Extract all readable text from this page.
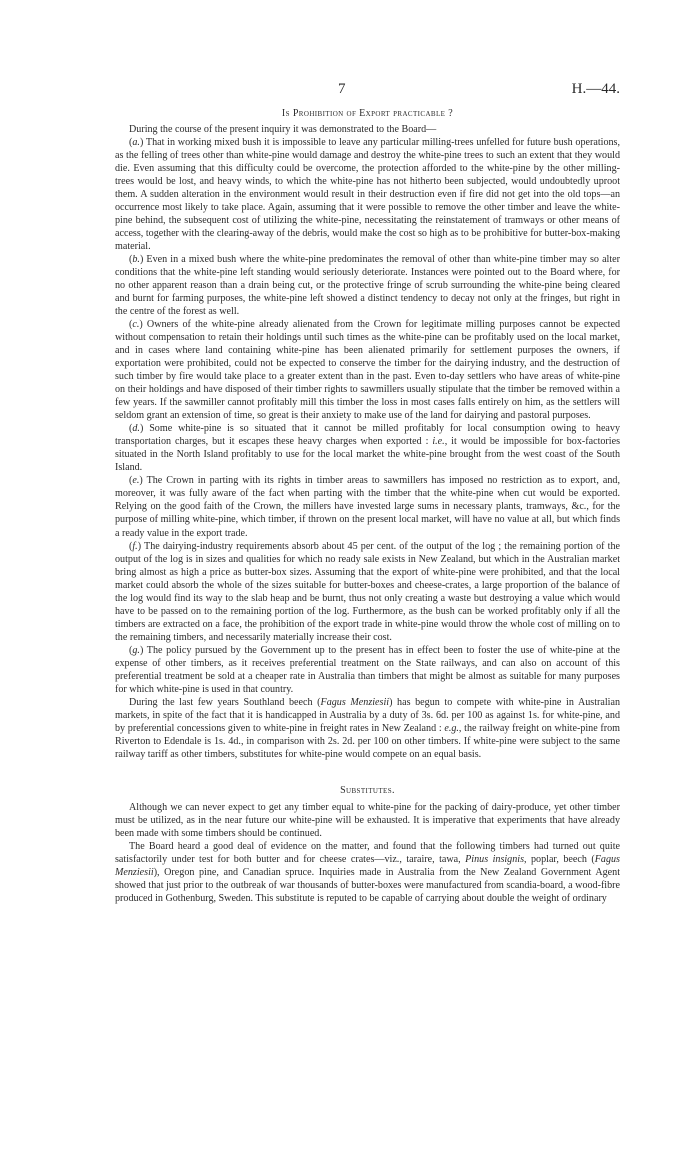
7	H.—44.
Is Prohibition of Export practicable ?

During the course of the present inquiry it was demonstrated to the Board—

(a.) That in working mixed bush it is impossible to leave any particular milling-trees unfelled for future bush operations, as the felling of trees other than white-pine would damage and destroy the white-pine trees to such an extent that they would die. Even assuming that this difficulty could be overcome, the protection afforded to the white-pine by the other milling-trees would be lost, and heavy winds, to which the white-pine has not hitherto been subjected, would undoubtedly uproot them. A sudden alteration in the environment would result in their destruction even if fire did not get into the old tops—an occurrence most likely to take place. Again, assuming that it were possible to remove the other timber and leave the white-pine behind, the subsequent cost of utilizing the white-pine, necessitating the reinstatement of tramways or other means of access, together with the clearing-away of the debris, would make the cost so high as to be prohibitive for butter-box-making material.

(b.) Even in a mixed bush where the white-pine predominates the removal of other than white-pine timber may so alter conditions that the white-pine left standing would seriously deteriorate. Instances were pointed out to the Board where, for no other apparent reason than a drain being cut, or the protective fringe of scrub surrounding the white-pine being cleared and burnt for farming purposes, the white-pine left showed a distinct tendency to decay not only at the fringes, but right in the centre of the forest as well.

(c.) Owners of the white-pine already alienated from the Crown for legitimate milling purposes cannot be expected without compensation to retain their holdings until such times as the white-pine can be profitably used on the local market, and in cases where land containing white-pine has been alienated primarily for settlement purposes the owners, if exportation were prohibited, could not be expected to conserve the timber for the dairying industry, and the destruction of such timber by fire would take place to a greater extent than in the past. Even to-day settlers who have areas of white-pine on their holdings and have disposed of their timber rights to sawmillers usually stipulate that the timber be removed within a few years. If the sawmiller cannot profitably mill this timber the loss in most cases falls entirely on him, as the settlers will seldom grant an extension of time, so great is their anxiety to make use of the land for dairying and pastoral purposes.

(d.) Some white-pine is so situated that it cannot be milled profitably for local consumption owing to heavy transportation charges, but it escapes these heavy charges when exported : i.e., it would be impossible for box-factories situated in the North Island profitably to use for the local market the white-pine brought from the west coast of the South Island.

(e.) The Crown in parting with its rights in timber areas to sawmillers has imposed no restriction as to export, and, moreover, it was fully aware of the fact when parting with the timber that the white-pine when cut would be exported. Relying on the good faith of the Crown, the millers have invested large sums in necessary plants, tramways, &c., for the purpose of milling white-pine, which timber, if thrown on the present local market, will have no value at all, but which finds a ready value in the export trade.

(f.) The dairying-industry requirements absorb about 45 per cent. of the output of the log ; the remaining portion of the output of the log is in sizes and qualities for which no ready sale exists in New Zealand, but which in the Australian market bring almost as high a price as butter-box sizes. Assuming that the export of white-pine were prohibited, and that the local market could absorb the whole of the sizes suitable for butter-boxes and cheese-crates, a large proportion of the balance of the log would find its way to the slab heap and be burnt, thus not only creating a waste but destroying a value which would have to be passed on to the remaining portion of the log. Furthermore, as the bush can be worked profitably only if all the timbers are extracted on a face, the prohibition of the export trade in white-pine would throw the whole cost of milling on to the remaining timbers, and necessarily materially increase their cost.

(g.) The policy pursued by the Government up to the present has in effect been to foster the use of white-pine at the expense of other timbers, as it receives preferential treatment on the State railways, and can also on account of this preferential treatment be sold at a cheaper rate in Australia than timbers that might be almost as suitable for many purposes for which white-pine is used in that country.

During the last few years Southland beech (Fagus Menziesii) has begun to compete with white-pine in Australian markets, in spite of the fact that it is handicapped in Australia by a duty of 3s. 6d. per 100 as against 1s. for white-pine, and by preferential concessions given to white-pine in freight rates in New Zealand : e.g., the railway freight on white-pine from Riverton to Edendale is 1s. 4d., in comparison with 2s. 2d. per 100 on other timbers. If white-pine were subject to the same railway tariff as other timbers, substitutes for white-pine would compete on an equal basis.

Substitutes.

Although we can never expect to get any timber equal to white-pine for the packing of dairy-produce, yet other timber must be utilized, as in the near future our white-pine will be exhausted. It is imperative that experiments that have already been made with some timbers should be continued.

The Board heard a good deal of evidence on the matter, and found that the following timbers had turned out quite satisfactorily under test for both butter and for cheese crates—viz., taraire, tawa, Pinus insignis, poplar, beech (Fagus Menziesii), Oregon pine, and Canadian spruce. Inquiries made in Australia from the New Zealand Government Agent showed that just prior to the outbreak of war thousands of butter-boxes were manufactured from scandia-board, a wood-fibre produced in Gothenburg, Sweden. This substitute is reputed to be capable of carrying about double the weight of ordinary
